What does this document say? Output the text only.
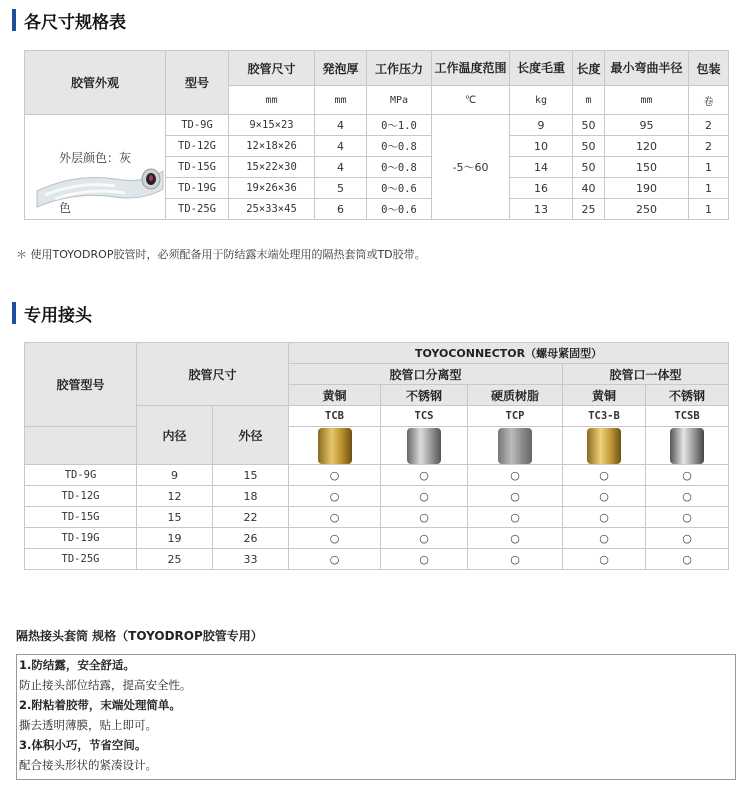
各尺寸规格表
胶管外观	型号	胶管尺寸	発泡厚	工作压力	工作温度范围	长度毛重	长度	最小弯曲半径	包装
		mm	mm	MPa	℃	kg	m	mm	卷

外层颜色：灰色	TD-9G	9×15×23	4	0～1.0	-5～60	9	50	95	2
	TD-12G	12×18×26	4	0～0.8		10	50	120	2
	TD-15G	15×22×30	4	0～0.8		14	50	150	1
	TD-19G	19×26×36	5	0～0.6		16	40	190	1
	TD-25G	25×33×45	6	0～0.6		13	25	250	1
＊ 使用TOYODROP胶管时，必须配备用于防结露末端处理用的隔热套筒或TD胶带。
专用接头
胶管型号	胶管尺寸		TOYOCONNECTOR（螺母紧固型）				
			胶管口分离型			胶管口一体型	
			黄铜	不锈钢	硬质树脂	黄铜	不锈钢
	内径	外径	TCB	TCS	TCP	TC3-B	TCSB

TD-9G	9	15	○	○	○	○	○
TD-12G	12	18	○	○	○	○	○
TD-15G	15	22	○	○	○	○	○
TD-19G	19	26	○	○	○	○	○
TD-25G	25	33	○	○	○	○	○
隔热接头套筒 规格（TOYODROP胶管专用）
1.防结露，安全舒适。
防止接头部位结露，提高安全性。
2.附粘着胶带，末端处理简单。
撕去透明薄膜，贴上即可。
3.体积小巧，节省空间。
配合接头形状的紧凑设计。
